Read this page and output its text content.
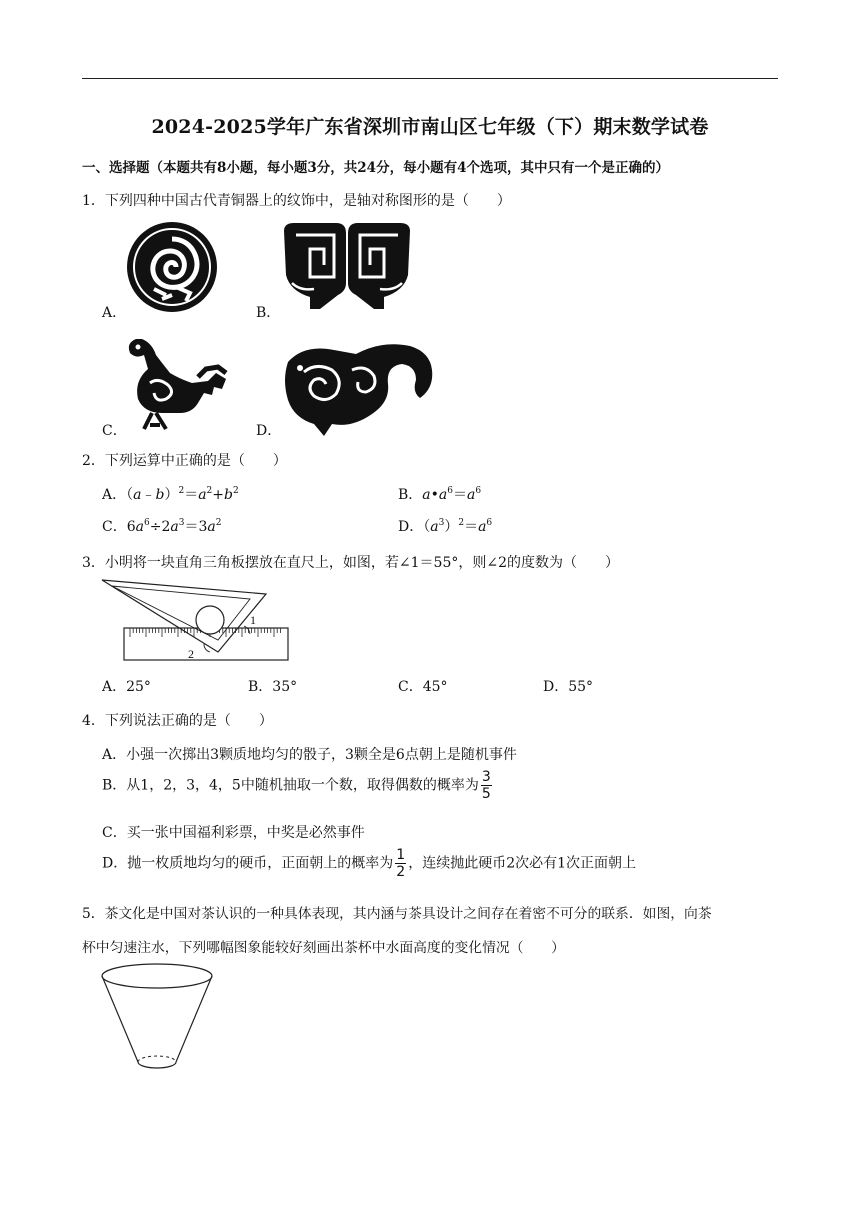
2024-2025学年广东省深圳市南山区七年级（下）期末数学试卷
一、选择题（本题共有8小题，每小题3分，共24分，每小题有4个选项，其中只有一个是正确的）
1．下列四种中国古代青铜器上的纹饰中，是轴对称图形的是（　　）
A．	B．
C．	D．
2．下列运算中正确的是（　　）
A．$(a﹣b)^2=a^2+b^2$	B．$a•a^6=a^6$
C．$6a^6\div 2a^3=3a^2$	D．$(a^3)^2=a^6$
3．小明将一块直角三角板摆放在直尺上，如图，若∠1＝55°，则∠2的度数为（　　）
1
2
A．25°	B．35°	C．45°	D．55°
4．下列说法正确的是（　　）
A．小强一次掷出3颗质地均匀的骰子，3颗全是6点朝上是随机事件
B．从1，2，3，4，5中随机抽取一个数，取得偶数的概率为 $\frac{3}{5}$
C．买一张中国福利彩票，中奖是必然事件
D．抛一枚质地均匀的硬币，正面朝上的概率为 $\frac{1}{2}$ ，连续抛此硬币2次必有1次正面朝上
5．茶文化是中国对茶认识的一种具体表现，其内涵与茶具设计之间存在着密不可分的联系．如图，向茶
杯中匀速注水，下列哪幅图象能较好刻画出茶杯中水面高度的变化情况（　　）
